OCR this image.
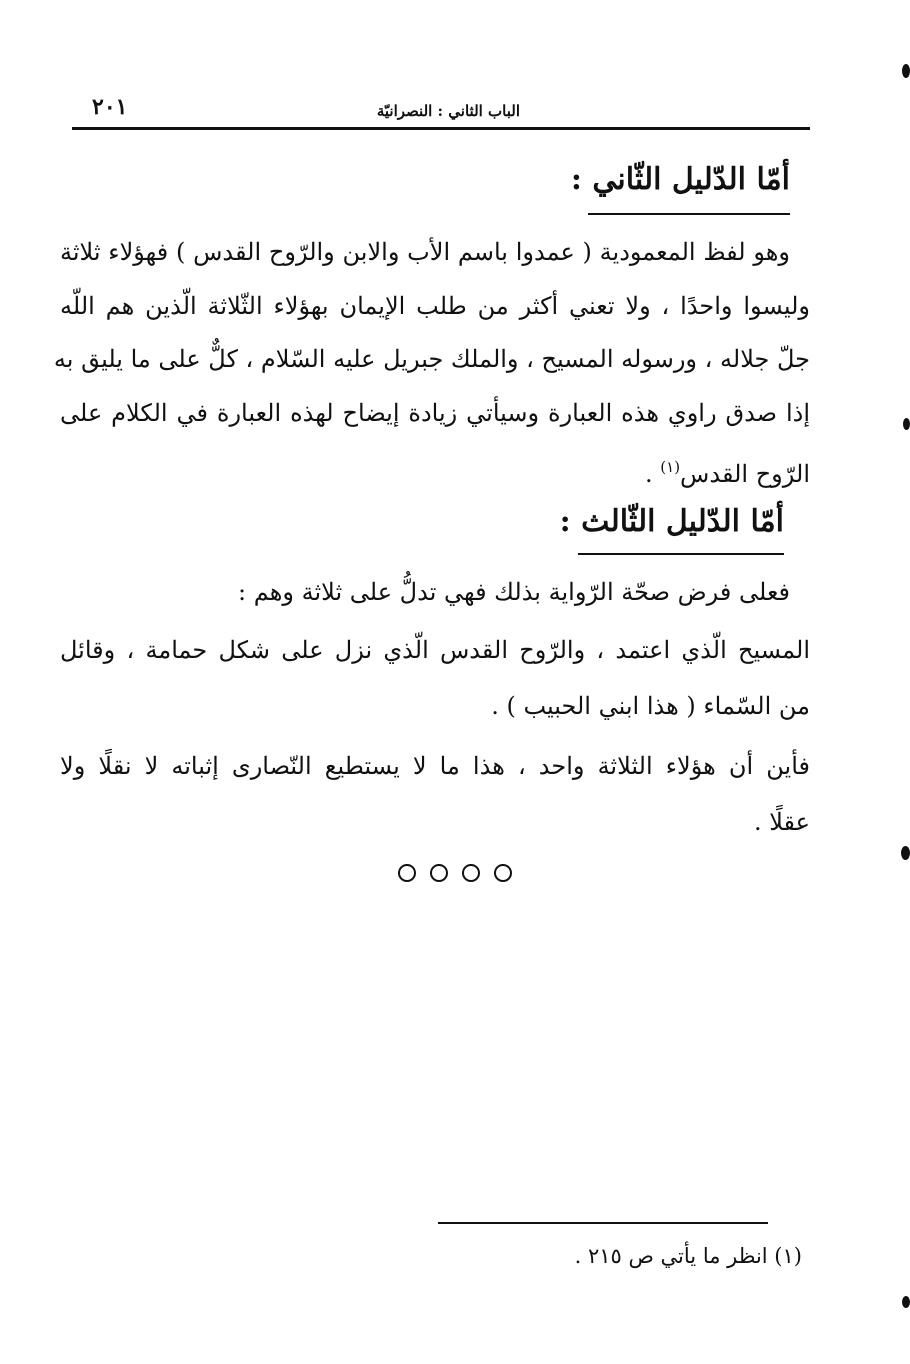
الباب الثاني : النصرانيّة
٢٠١
أمّا الدّليل الثّاني :
وهو لفظ المعمودية ( عمدوا باسم الأب والابن والرّوح القدس ) فهؤلاء ثلاثة
وليسوا واحدًا ، ولا تعني أكثر من طلب الإيمان بهؤلاء الثّلاثة الّذين هم اللّه
جلّ جلاله ، ورسوله المسيح ، والملك جبريل عليه السّلام ، كلٌّ على ما يليق به
إذا صدق راوي هذه العبارة وسيأتي زيادة إيضاح لهذه العبارة في الكلام على
الرّوح القدس$^{(١)}$ .
أمّا الدّليل الثّالث :
فعلى فرض صحّة الرّواية بذلك فهي تدلُّ على ثلاثة وهم :
المسيح الّذي اعتمد ، والرّوح القدس الّذي نزل على شكل حمامة ، وقائل
من السّماء ( هذا ابني الحبيب ) .
فأين أن هؤلاء الثلاثة واحد ، هذا ما لا يستطيع النّصارى إثباته لا نقلًا ولا
عقلًا .
(١) انظر ما يأتي ص ٢١٥ .
